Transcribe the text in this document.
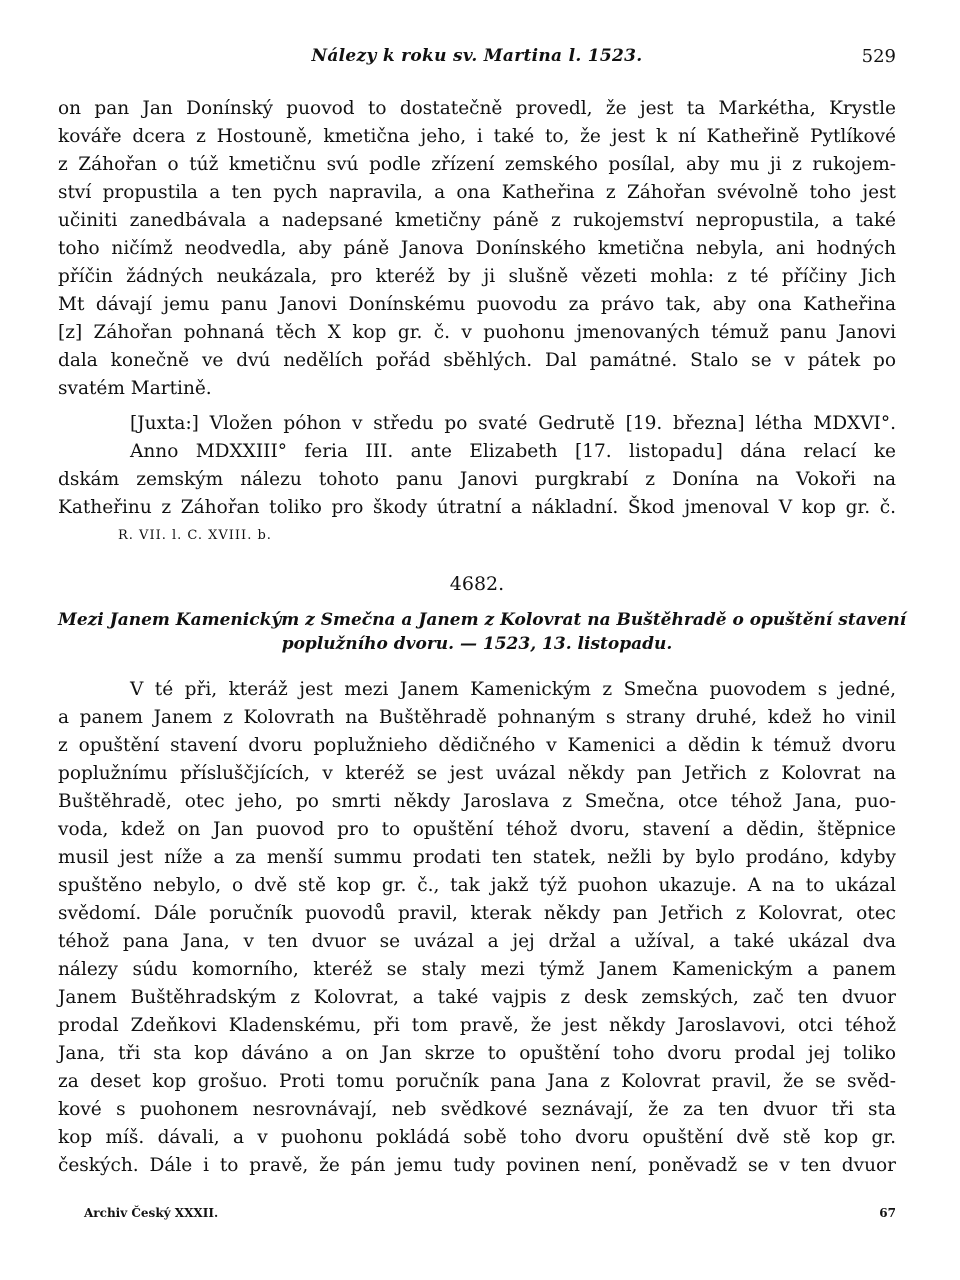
Nálezy k roku sv. Martina l. 1523.	529
on pan Jan Donínský puovod to dostatečně provedl, že jest ta Markétha, Krystle
kováře dcera z Hostouně, kmetična jeho, i také to, že jest k ní Katheřině Pytlíkové
z Záhořan o túž kmetičnu svú podle zřízení zemského posílal, aby mu ji z rukojem-
ství propustila a ten pych napravila, a ona Katheřina z Záhořan svévolně toho jest
učiniti zanedbávala a nadepsané kmetičny páně z rukojemství nepropustila, a také
toho ničímž neodvedla, aby páně Janova Donínského kmetična nebyla, ani hodných
příčin žádných neukázala, pro kteréž by ji slušně vězeti mohla: z té příčiny Jich
Mt dávají jemu panu Janovi Donínskému puovodu za právo tak, aby ona Katheřina
[z] Záhořan pohnaná těch X kop gr. č. v puohonu jmenovaných témuž panu Janovi
dala konečně ve dvú nedělích pořád sběhlých. Dal památné. Stalo se v pátek po
svatém Martině.
[Juxta:] Vložen póhon v středu po svaté Gedrutě [19. března] létha MDXVI°.
Anno MDXXIII° feria III. ante Elizabeth [17. listopadu] dána relací ke
dskám zemským nálezu tohoto panu Janovi purgkrabí z Donína na Vokoři na
Katheřinu z Záhořan toliko pro škody útratní a nákladní. Škod jmenoval V kop gr. č.
R. VII. l. C. XVIII. b.
4682.
Mezi Janem Kamenickým z Smečna a Janem z Kolovrat na Buštěhradě o opuštění stavení
poplužního dvoru. — 1523, 13. listopadu.
V té při, kteráž jest mezi Janem Kamenickým z Smečna puovodem s jedné,
a panem Janem z Kolovrath na Buštěhradě pohnaným s strany druhé, kdež ho vinil
z opuštění stavení dvoru poplužnieho dědičného v Kamenici a dědin k témuž dvoru
poplužnímu přísluščjících, v kteréž se jest uvázal někdy pan Jetřich z Kolovrat na
Buštěhradě, otec jeho, po smrti někdy Jaroslava z Smečna, otce téhož Jana, puo-
voda, kdež on Jan puovod pro to opuštění téhož dvoru, stavení a dědin, štěpnice
musil jest níže a za menší summu prodati ten statek, nežli by bylo prodáno, kdyby
spuštěno nebylo, o dvě stě kop gr. č., tak jakž týž puohon ukazuje. A na to ukázal
svědomí. Dále poručník puovodů pravil, kterak někdy pan Jetřich z Kolovrat, otec
téhož pana Jana, v ten dvuor se uvázal a jej držal a užíval, a také ukázal dva
nálezy súdu komorního, kteréž se staly mezi týmž Janem Kamenickým a panem
Janem Buštěhradským z Kolovrat, a také vajpis z desk zemských, zač ten dvuor
prodal Zdeňkovi Kladenskému, při tom pravě, že jest někdy Jaroslavovi, otci téhož
Jana, tři sta kop dáváno a on Jan skrze to opuštění toho dvoru prodal jej toliko
za deset kop grošuo. Proti tomu poručník pana Jana z Kolovrat pravil, že se svěd-
kové s puohonem nesrovnávají, neb svědkové seznávají, že za ten dvuor tři sta
kop míš. dávali, a v puohonu pokládá sobě toho dvoru opuštění dvě stě kop gr.
českých. Dále i to pravě, že pán jemu tudy povinen není, poněvadž se v ten dvuor
Archiv Český XXXII.	67
